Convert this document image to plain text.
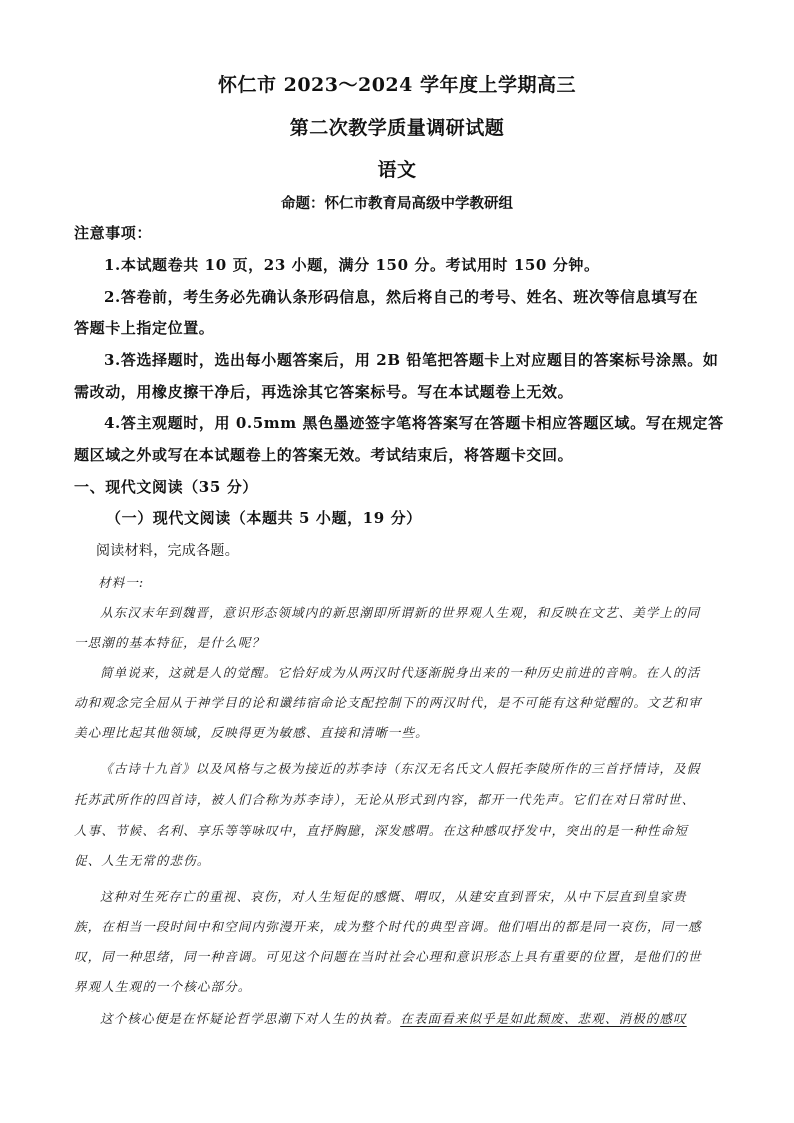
怀仁市 2023～2024 学年度上学期高三
第二次教学质量调研试题
语文
命题：怀仁市教育局高级中学教研组
注意事项：
1.本试题卷共 10 页，23 小题，满分 150 分。考试用时 150 分钟。
2.答卷前，考生务必先确认条形码信息，然后将自己的考号、姓名、班次等信息填写在
答题卡上指定位置。
3.答选择题时，选出每小题答案后，用 2B 铅笔把答题卡上对应题目的答案标号涂黑。如
需改动，用橡皮擦干净后，再选涂其它答案标号。写在本试题卷上无效。
4.答主观题时，用 0.5mm 黑色墨迹签字笔将答案写在答题卡相应答题区域。写在规定答
题区域之外或写在本试题卷上的答案无效。考试结束后，将答题卡交回。
一、现代文阅读（35 分）
（一）现代文阅读（本题共 5 小题，19 分）
阅读材料，完成各题。
材料一:
从东汉末年到魏晋，意识形态领域内的新思潮即所谓新的世界观人生观，和反映在文艺、美学上的同
一思潮的基本特征，是什么呢？
简单说来，这就是人的觉醒。它恰好成为从两汉时代逐渐脱身出来的一种历史前进的音响。在人的活
动和观念完全屈从于神学目的论和谶纬宿命论支配控制下的两汉时代，是不可能有这种觉醒的。文艺和审
美心理比起其他领域，反映得更为敏感、直接和清晰一些。
《古诗十九首》以及风格与之极为接近的苏李诗（东汉无名氏文人假托李陵所作的三首抒情诗，及假
托苏武所作的四首诗，被人们合称为苏李诗），无论从形式到内容，都开一代先声。它们在对日常时世、
人事、节候、名利、享乐等等咏叹中，直抒胸臆，深发感喟。在这种感叹抒发中，突出的是一种性命短
促、人生无常的悲伤。
这种对生死存亡的重视、哀伤，对人生短促的感慨、喟叹，从建安直到晋宋，从中下层直到皇家贵
族，在相当一段时间中和空间内弥漫开来，成为整个时代的典型音调。他们唱出的都是同一哀伤，同一感
叹，同一种思绪，同一种音调。可见这个问题在当时社会心理和意识形态上具有重要的位置，是他们的世
界观人生观的一个核心部分。
这个核心便是在怀疑论哲学思潮下对人生的执着。在表面看来似乎是如此颓废、悲观、消极的感叹
